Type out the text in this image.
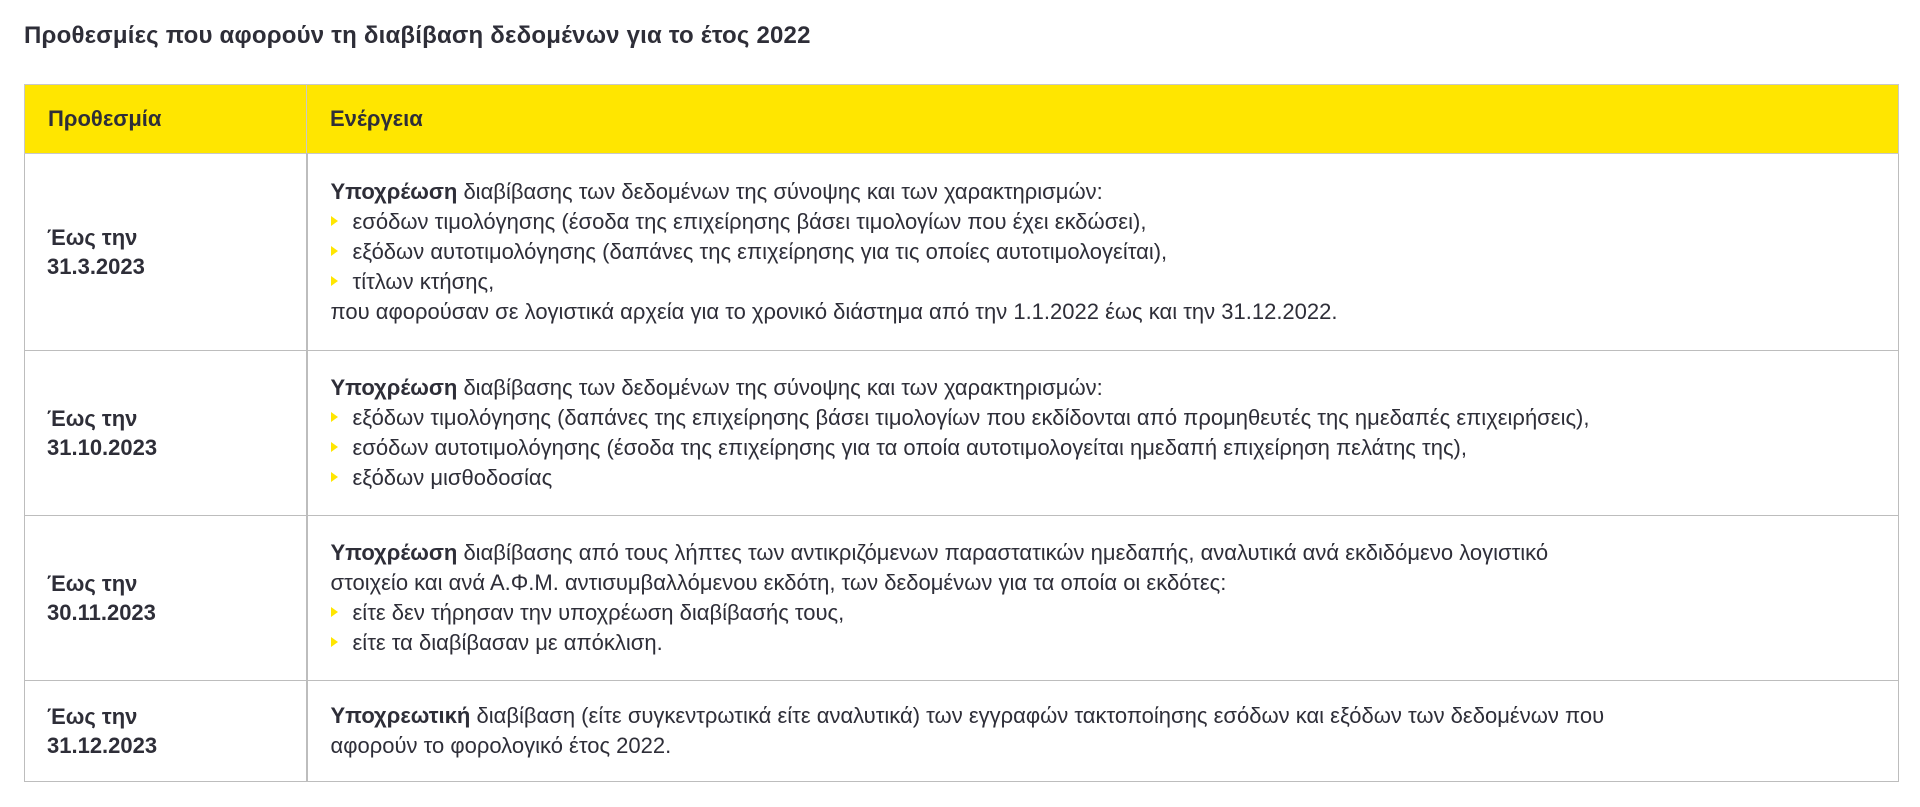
Προθεσμίες που αφορούν τη διαβίβαση δεδομένων για το έτος 2022
Προθεσμία	Ενέργεια

Έως την
31.3.2023	Υποχρέωση διαβίβασης των δεδομένων της σύνοψης και των χαρακτηρισμών:
εσόδων τιμολόγησης (έσοδα της επιχείρησης βάσει τιμολογίων που έχει εκδώσει),
εξόδων αυτοτιμολόγησης (δαπάνες της επιχείρησης για τις οποίες αυτοτιμολογείται),
τίτλων κτήσης,
που αφορούσαν σε λογιστικά αρχεία για το χρονικό διάστημα από την 1.1.2022 έως και την 31.12.2022.

Έως την
31.10.2023	Υποχρέωση διαβίβασης των δεδομένων της σύνοψης και των χαρακτηρισμών:
εξόδων τιμολόγησης (δαπάνες της επιχείρησης βάσει τιμολογίων που εκδίδονται από προμηθευτές της ημεδαπές επιχειρήσεις),
εσόδων αυτοτιμολόγησης (έσοδα της επιχείρησης για τα οποία αυτοτιμολογείται ημεδαπή επιχείρηση πελάτης της),
εξόδων μισθοδοσίας

Έως την
30.11.2023	Υποχρέωση διαβίβασης από τους λήπτες των αντικριζόμενων παραστατικών ημεδαπής, αναλυτικά ανά εκδιδόμενο λογιστικό
στοιχείο και ανά Α.Φ.Μ. αντισυμβαλλόμενου εκδότη, των δεδομένων για τα οποία οι εκδότες:
είτε δεν τήρησαν την υποχρέωση διαβίβασής τους,
είτε τα διαβίβασαν με απόκλιση.

Έως την
31.12.2023	Υποχρεωτική διαβίβαση (είτε συγκεντρωτικά είτε αναλυτικά) των εγγραφών τακτοποίησης εσόδων και εξόδων των δεδομένων που
αφορούν το φορολογικό έτος 2022.
